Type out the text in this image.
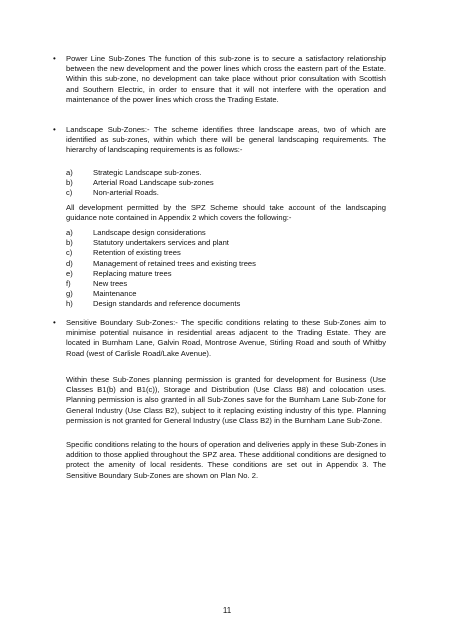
• Power Line Sub-Zones The function of this sub-zone is to secure a satisfactory relationship between the new development and the power lines which cross the eastern part of the Estate. Within this sub-zone, no development can take place without prior consultation with Scottish and Southern Electric, in order to ensure that it will not interfere with the operation and maintenance of the power lines which cross the Trading Estate.

• Landscape Sub-Zones:- The scheme identifies three landscape areas, two of which are identified as sub-zones, within which there will be general landscaping requirements. The hierarchy of landscaping requirements is as follows:-

a)	Strategic Landscape sub-zones.
b)	Arterial Road Landscape sub-zones
c)	Non-arterial Roads.

All development permitted by the SPZ Scheme should take account of the landscaping guidance note contained in Appendix 2 which covers the following:-

a)	Landscape design considerations
b)	Statutory undertakers services and plant
c)	Retention of existing trees
d)	Management of retained trees and existing trees
e)	Replacing mature trees
f)	New trees
g)	Maintenance
h)	Design standards and reference documents
• Sensitive Boundary Sub-Zones:- The specific conditions relating to these Sub-Zones aim to minimise potential nuisance in residential areas adjacent to the Trading Estate. They are located in Burnham Lane, Galvin Road, Montrose Avenue, Stirling Road and south of Whitby Road (west of Carlisle Road/Lake Avenue).

Within these Sub-Zones planning permission is granted for development for Business (Use Classes B1(b) and B1(c)), Storage and Distribution (Use Class B8) and colocation uses. Planning permission is also granted in all Sub-Zones save for the Burnham Lane Sub-Zone for General Industry (Use Class B2), subject to it replacing existing industry of this type. Planning permission is not granted for General Industry (use Class B2) in the Burnham Lane Sub-Zone.

Specific conditions relating to the hours of operation and deliveries apply in these Sub-Zones in addition to those applied throughout the SPZ area. These additional conditions are designed to protect the amenity of local residents. These conditions are set out in Appendix 3. The Sensitive Boundary Sub-Zones are shown on Plan No. 2.

11
